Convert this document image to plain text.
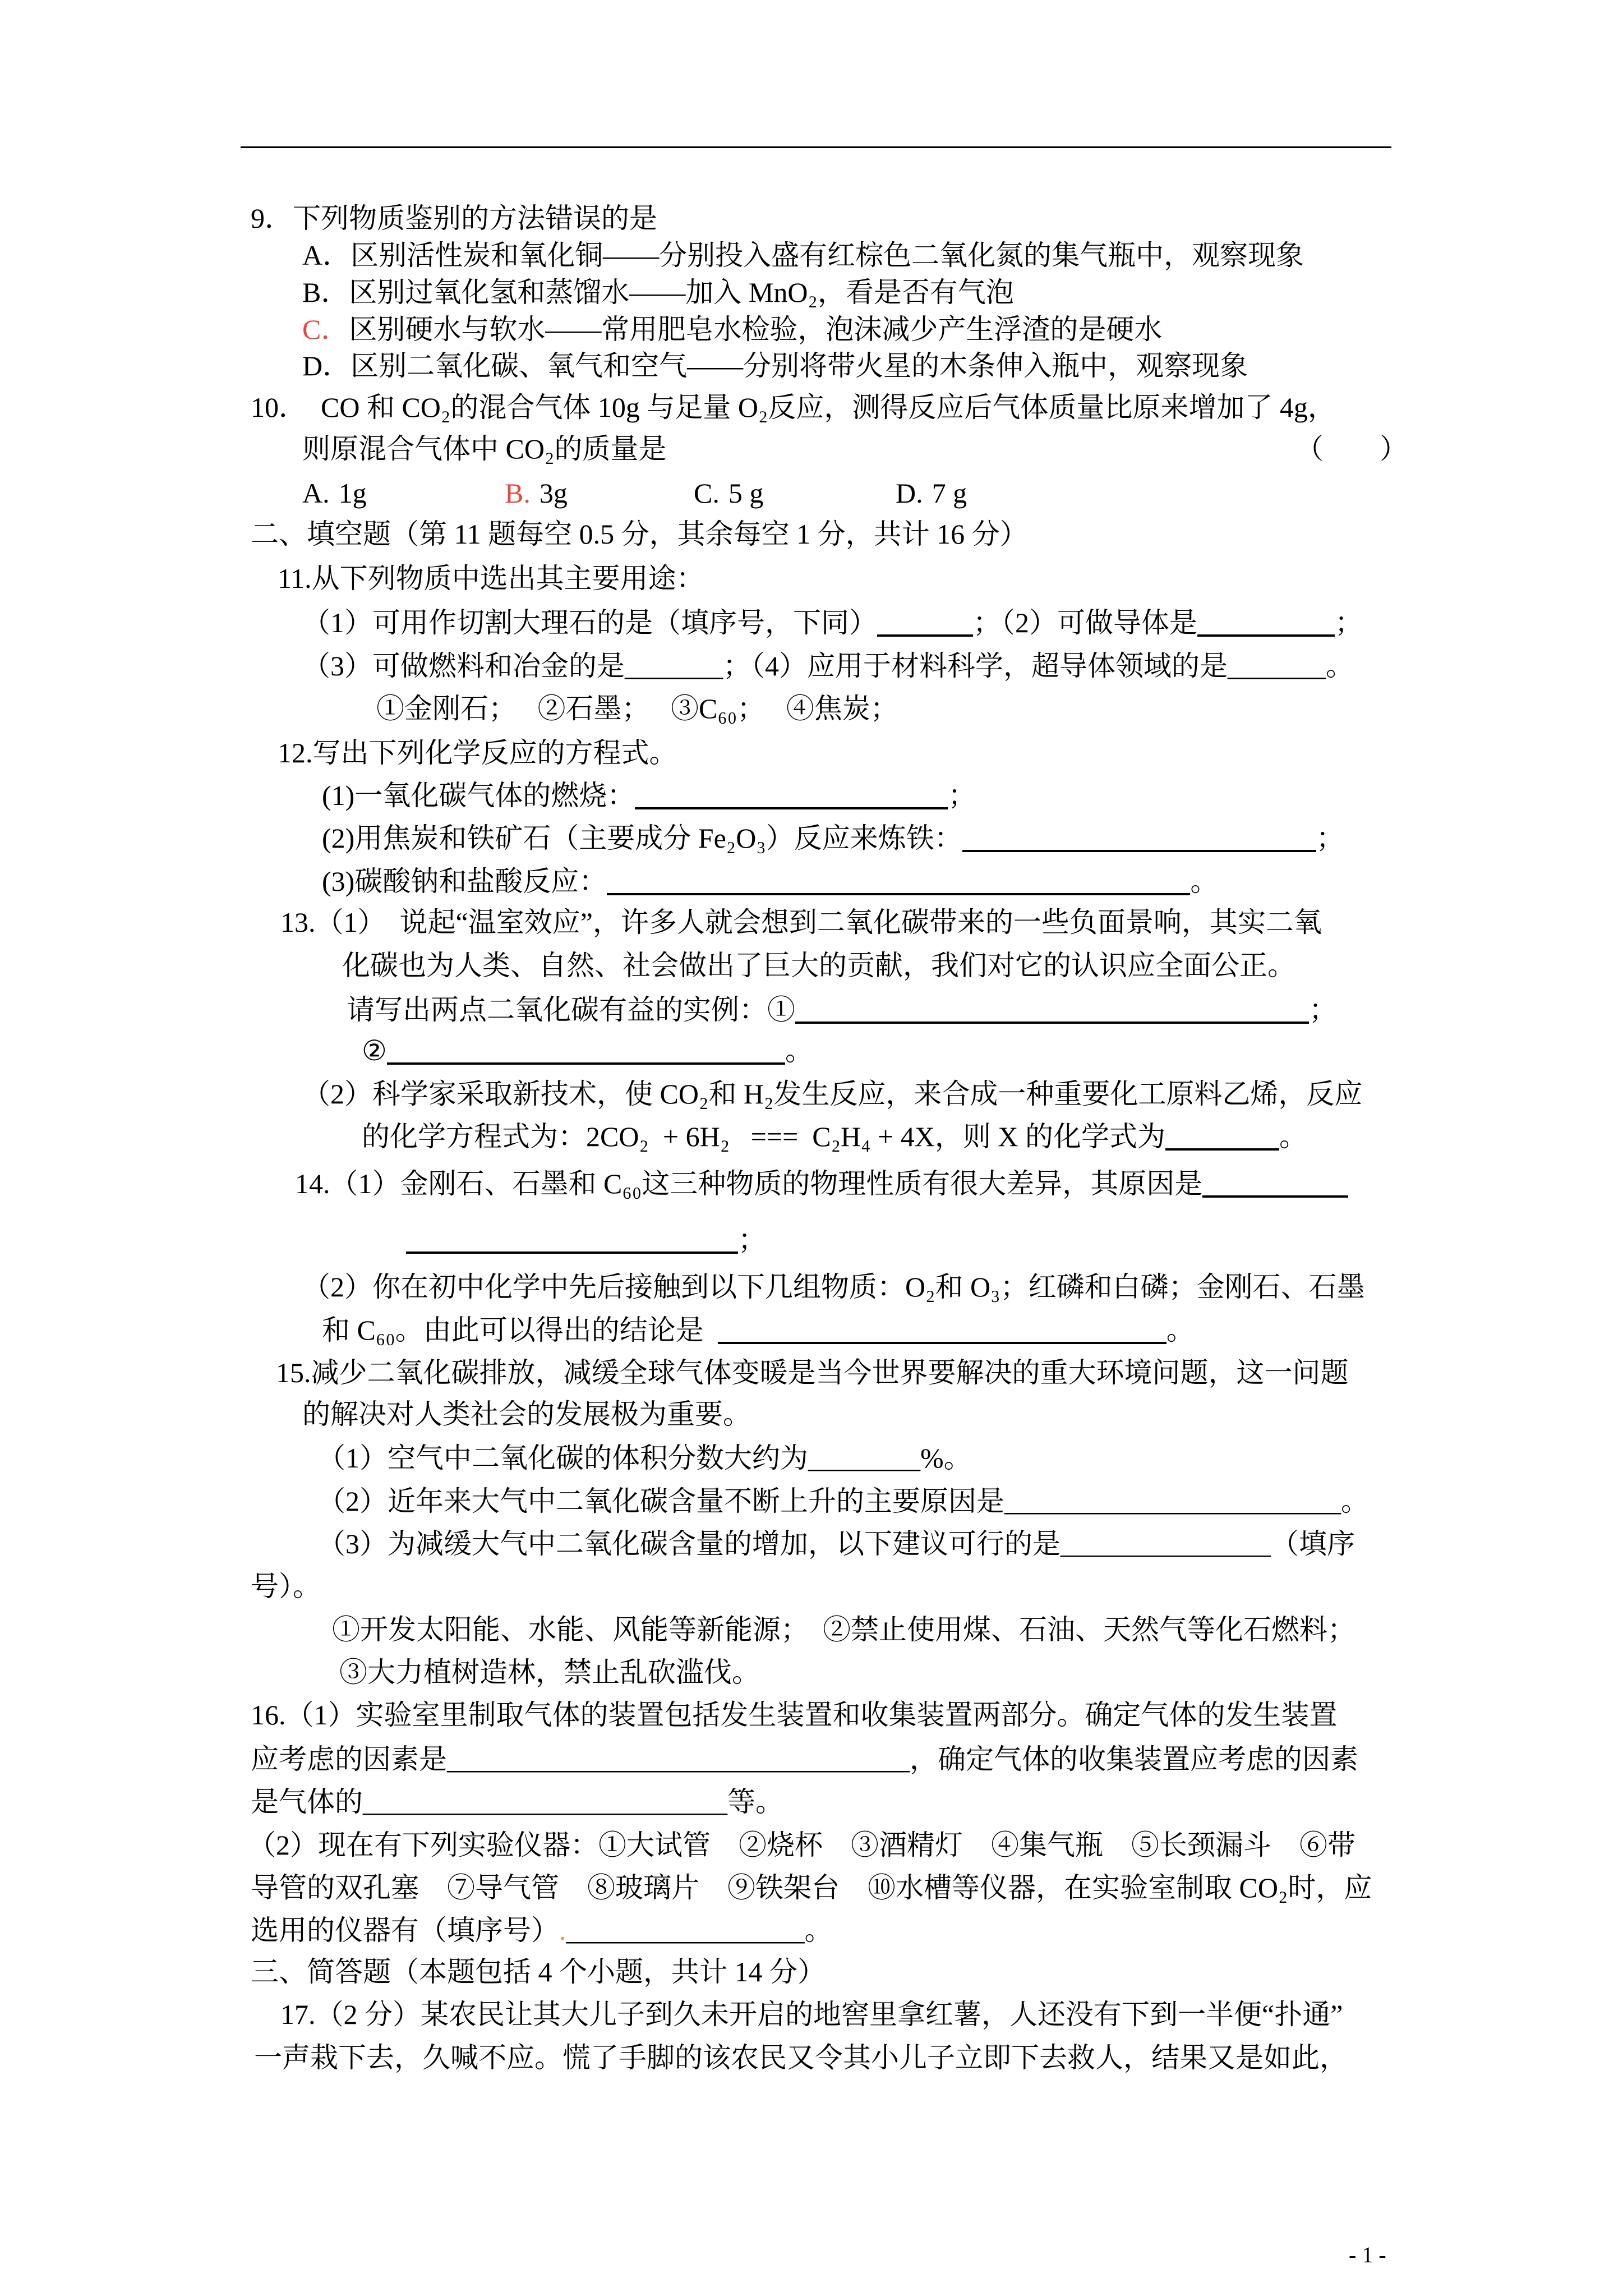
9．下列物质鉴别的方法错误的是
A．区别活性炭和氧化铜——分别投入盛有红棕色二氧化氮的集气瓶中，观察现象
B．区别过氧化氢和蒸馏水——加入 MnO₂，看是否有气泡
C．区别硬水与软水——常用肥皂水检验，泡沫减少产生浮渣的是硬水
D．区别二氧化碳、氧气和空气——分别将带火星的木条伸入瓶中，观察现象
10．  CO 和 CO₂的混合气体 10g 与足量 O₂反应，测得反应后气体质量比原来增加了 4g，
则原混合气体中 CO₂的质量是	（　　）
A. 1g	B. 3g	C. 5 g	D. 7 g
二、填空题（第 11 题每空 0.5 分，其余每空 1 分，共计 16 分）
11.从下列物质中选出其主要用途：
（1）可用作切割大理石的是（填序号，下同）	；（2）可做导体是	；
（3）可做燃料和冶金的是_______；（4）应用于材料科学，超导体领域的是_______。
①金刚石；　 ②石墨；　 ③C₆₀；　 ④焦炭；
12.写出下列化学反应的方程式。
(1)一氧化碳气体的燃烧：	；
(2)用焦炭和铁矿石（主要成分 Fe₂O₃）反应来炼铁：	；
(3)碳酸钠和盐酸反应：	。
13.（1）　说起“温室效应”，许多人就会想到二氧化碳带来的一些负面景响，其实二氧
化碳也为人类、自然、社会做出了巨大的贡献，我们对它的认识应全面公正。
请写出两点二氧化碳有益的实例：①	；
②	。
（2）科学家采取新技术，使 CO₂和 H₂发生反应，来合成一种重要化工原料乙烯，反应
的化学方程式为：2CO₂  + 6H₂   ===  C₂H₄ + 4X，则 X 的化学式为	。
14.（1）金刚石、石墨和 C₆₀这三种物质的物理性质有很大差异，其原因是
；
（2）你在初中化学中先后接触到以下几组物质：O₂和 O₃；红磷和白磷；金刚石、石墨
和 C₆₀。由此可以得出的结论是	。
15.减少二氧化碳排放，减缓全球气体变暖是当今世界要解决的重大环境问题，这一问题
的解决对人类社会的发展极为重要。
（1）空气中二氧化碳的体积分数大约为________%。
（2）近年来大气中二氧化碳含量不断上升的主要原因是________________________。
（3）为减缓大气中二氧化碳含量的增加，以下建议可行的是_______________（填序
号）。
①开发太阳能、水能、风能等新能源；　②禁止使用煤、石油、天然气等化石燃料；
③大力植树造林，禁止乱砍滥伐。
16.（1）实验室里制取气体的装置包括发生装置和收集装置两部分。确定气体的发生装置
应考虑的因素是_________________________________，确定气体的收集装置应考虑的因素
是气体的__________________________等。
（2）现在有下列实验仪器：①大试管　②烧杯　③酒精灯　④集气瓶　⑤长颈漏斗　⑥带
导管的双孔塞　⑦导气管　⑧玻璃片　⑨铁架台　⑩水槽等仪器，在实验室制取 CO₂时，应
选用的仪器有（填序号）._________________。
三、简答题（本题包括 4 个小题，共计 14 分）
17.（2 分）某农民让其大儿子到久未开启的地窖里拿红薯，人还没有下到一半便“扑通”
一声栽下去，久喊不应。慌了手脚的该农民又令其小儿子立即下去救人，结果又是如此，
- 1 -
